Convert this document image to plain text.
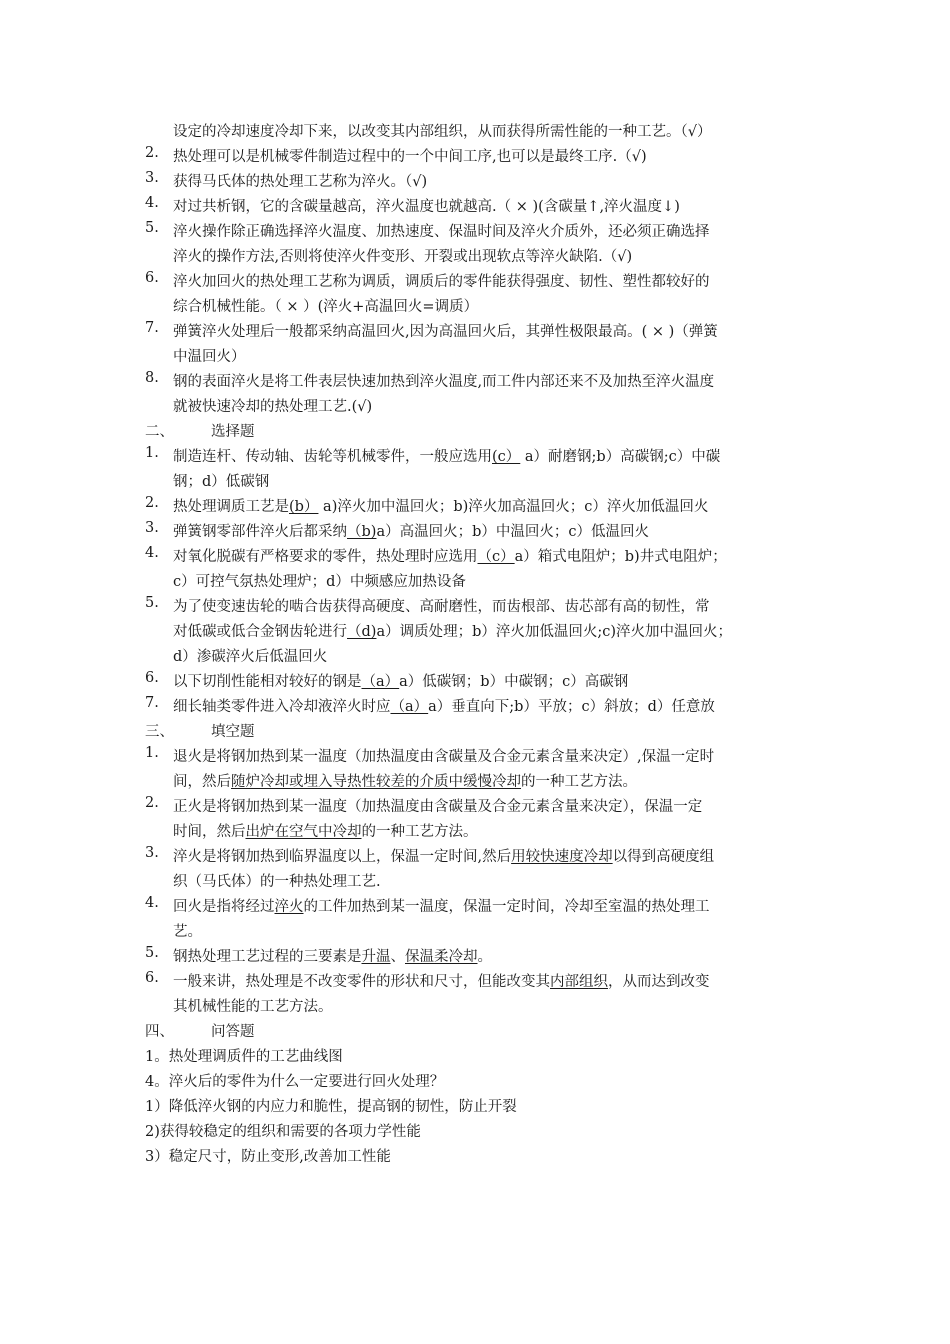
设定的冷却速度冷却下来，以改变其内部组织，从而获得所需性能的一种工艺。（√）
2. 热处理可以是机械零件制造过程中的一个中间工序,也可以是最终工序.（√)
3. 获得马氏体的热处理工艺称为淬火。（√)
4. 对过共析钢，它的含碳量越高，淬火温度也就越高.（ × )(含碳量↑,淬火温度↓)
5. 淬火操作除正确选择淬火温度、加热速度、保温时间及淬火介质外，还必须正确选择
淬火的操作方法,否则将使淬火件变形、开裂或出现软点等淬火缺陷.（√)
6. 淬火加回火的热处理工艺称为调质，调质后的零件能获得强度、韧性、塑性都较好的
综合机械性能。（ × ）(淬火+高温回火=调质）
7. 弹簧淬火处理后一般都采纳高温回火,因为高温回火后，其弹性极限最高。( × )（弹簧
中温回火）
8. 钢的表面淬火是将工件表层快速加热到淬火温度,而工件内部还来不及加热至淬火温度
就被快速冷却的热处理工艺.(√)
二、	选择题
1. 制造连杆、传动轴、齿轮等机械零件，一般应选用(c） a）耐磨钢;b）高碳钢;c）中碳
钢；d）低碳钢
2. 热处理调质工艺是(b） a)淬火加中温回火；b)淬火加高温回火；c）淬火加低温回火
3. 弹簧钢零部件淬火后都采纳（b)a）高温回火；b）中温回火；c）低温回火
4. 对氧化脱碳有严格要求的零件，热处理时应选用（c）a）箱式电阻炉；b)井式电阻炉；
c）可控气氛热处理炉；d）中频感应加热设备
5. 为了使变速齿轮的啮合齿获得高硬度、高耐磨性，而齿根部、齿芯部有高的韧性，常
对低碳或低合金钢齿轮进行（d)a）调质处理；b）淬火加低温回火;c)淬火加中温回火；
d）渗碳淬火后低温回火
6. 以下切削性能相对较好的钢是（a）a）低碳钢；b）中碳钢；c）高碳钢
7. 细长轴类零件进入冷却液淬火时应（a）a）垂直向下;b）平放；c）斜放；d）任意放
三、	填空题
1. 退火是将钢加热到某一温度（加热温度由含碳量及合金元素含量来决定）,保温一定时
间，然后随炉冷却或埋入导热性较差的介质中缓慢冷却的一种工艺方法。
2. 正火是将钢加热到某一温度（加热温度由含碳量及合金元素含量来决定），保温一定
时间，然后出炉在空气中冷却的一种工艺方法。
3. 淬火是将钢加热到临界温度以上，保温一定时间,然后用较快速度冷却以得到高硬度组
织（马氏体）的一种热处理工艺.
4. 回火是指将经过淬火的工件加热到某一温度，保温一定时间，冷却至室温的热处理工
艺。
5. 钢热处理工艺过程的三要素是升温、保温柔冷却。
6. 一般来讲，热处理是不改变零件的形状和尺寸，但能改变其内部组织，从而达到改变
其机械性能的工艺方法。
四、	问答题
1。热处理调质件的工艺曲线图
4。淬火后的零件为什么一定要进行回火处理？
1）降低淬火钢的内应力和脆性，提高钢的韧性，防止开裂
2)获得较稳定的组织和需要的各项力学性能
3）稳定尺寸，防止变形,改善加工性能
